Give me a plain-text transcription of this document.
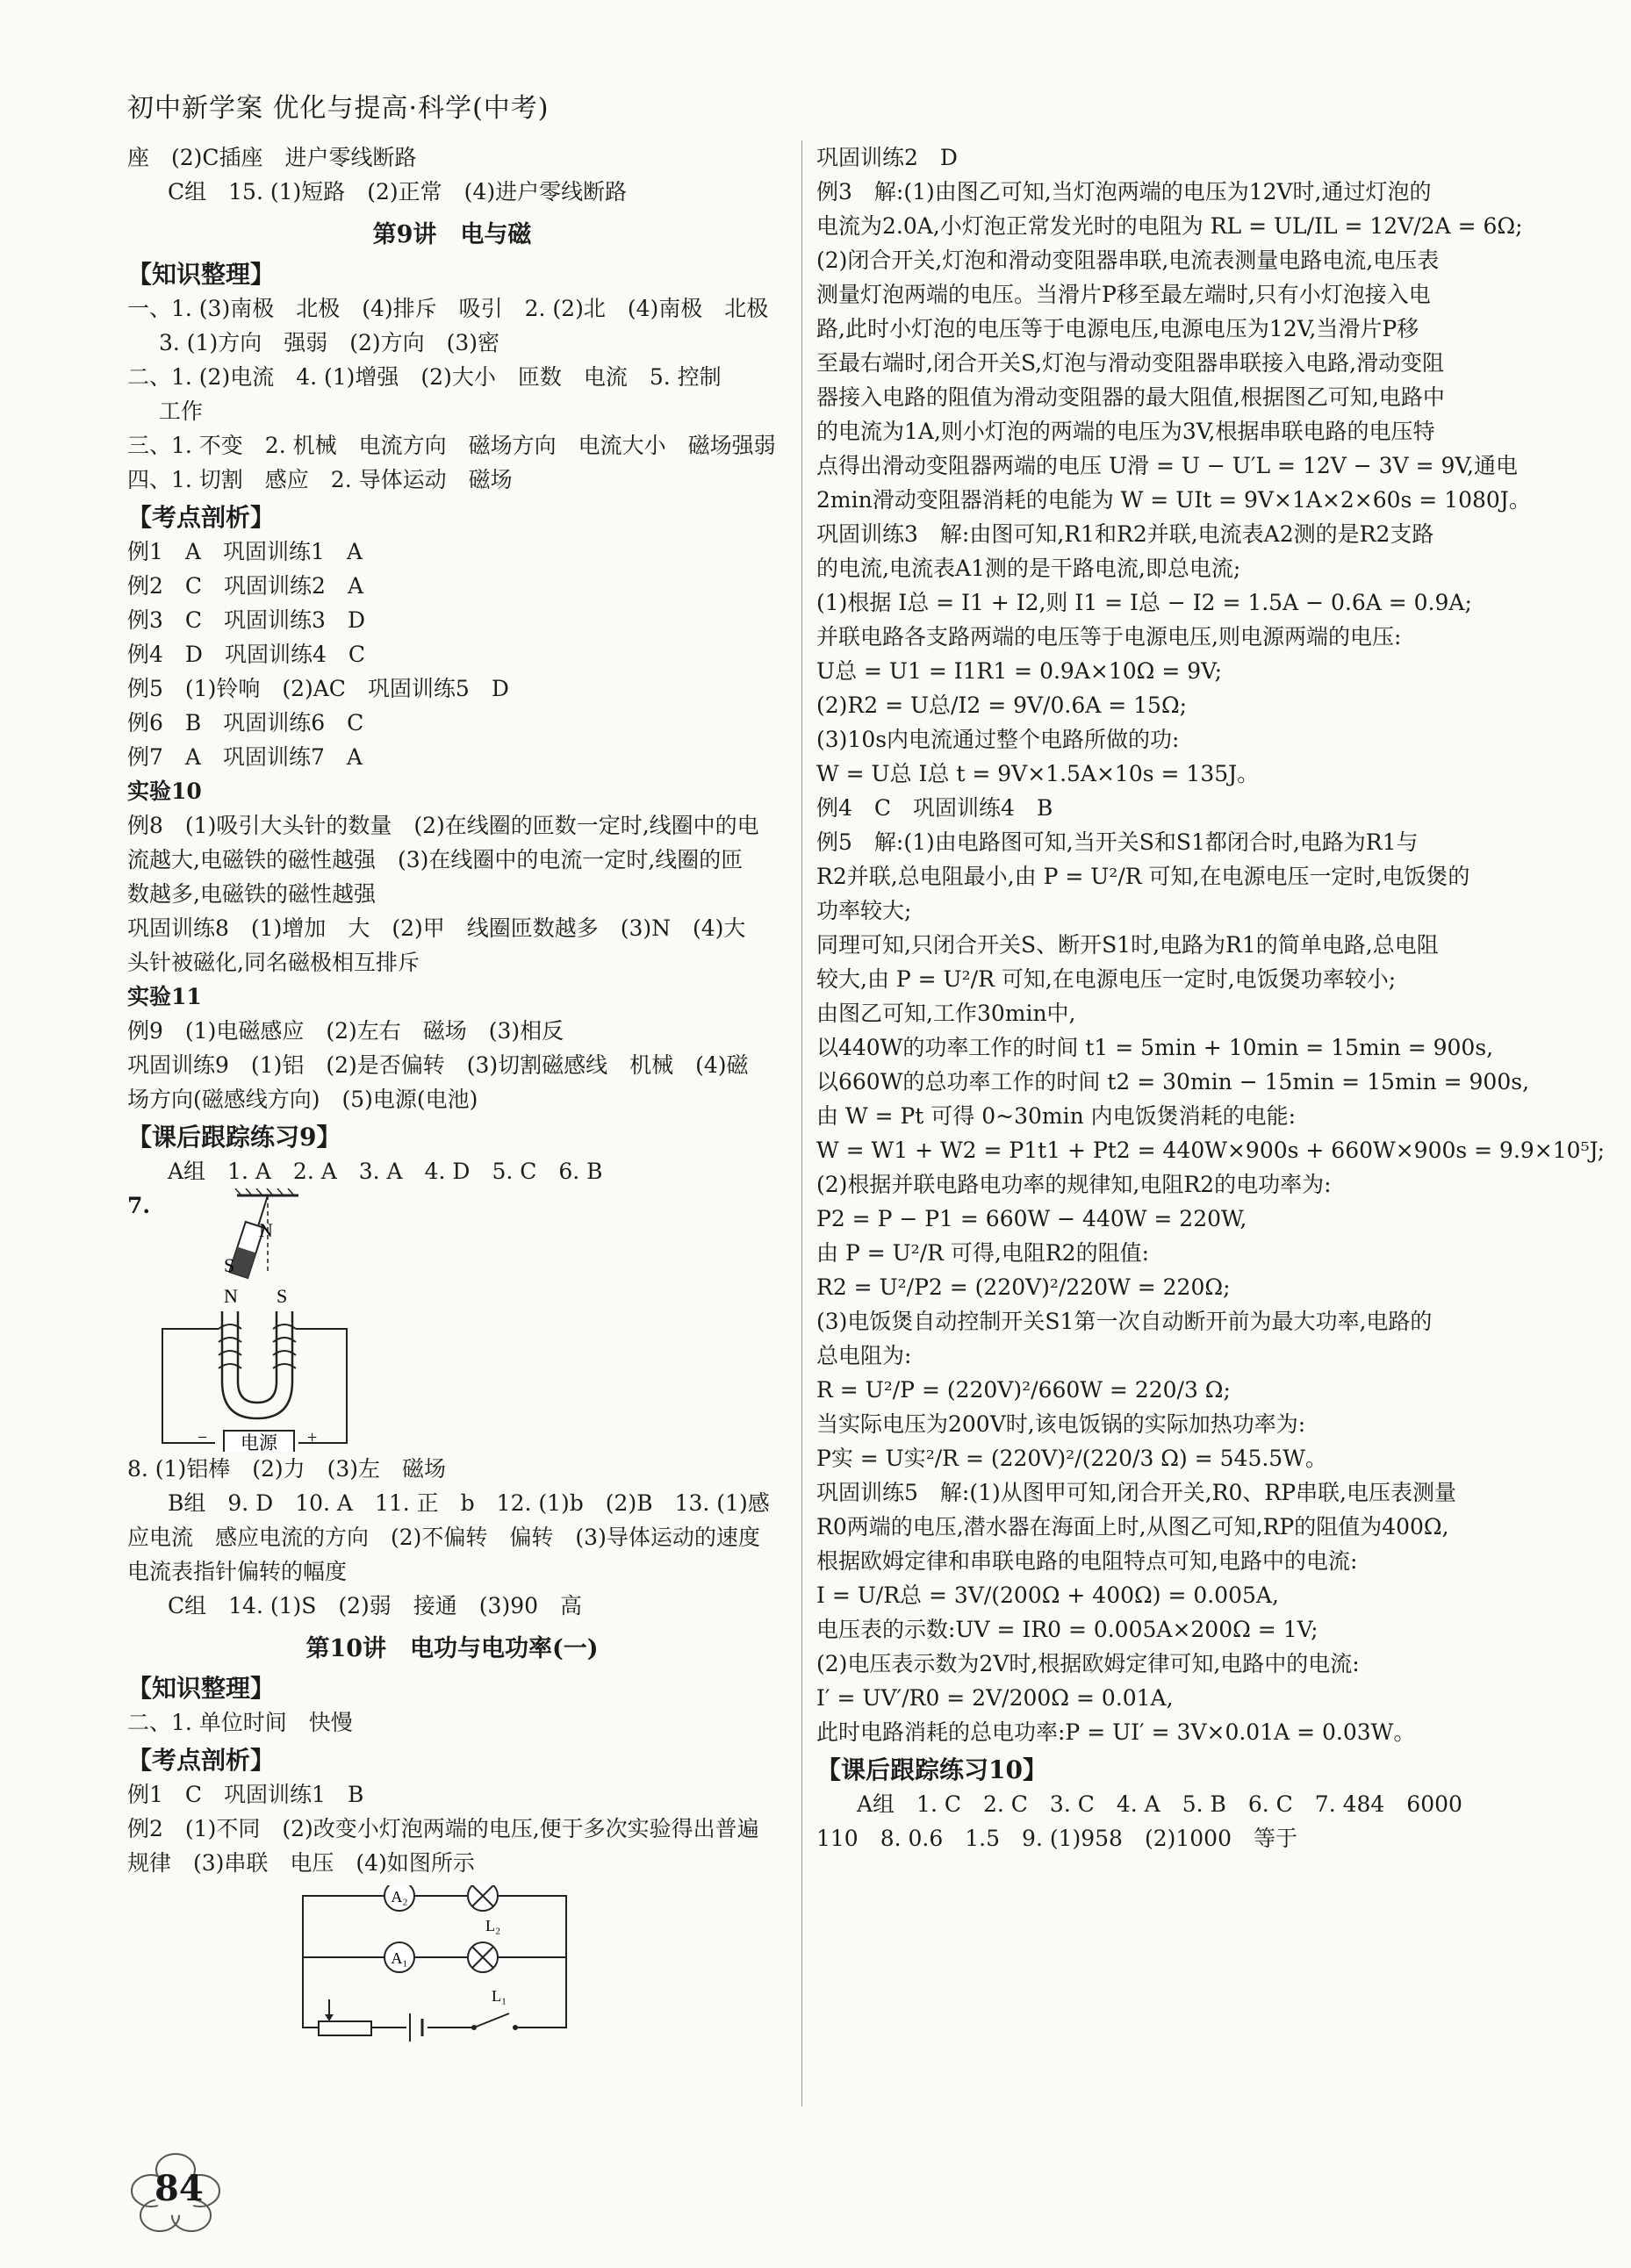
初中新学案 优化与提高·科学(中考)
座　(2)C插座　进户零线断路
C组　15. (1)短路　(2)正常　(4)进户零线断路
第9讲　电与磁
【知识整理】
一、1. (3)南极　北极　(4)排斥　吸引　2. (2)北　(4)南极　北极
3. (1)方向　强弱　(2)方向　(3)密
二、1. (2)电流　4. (1)增强　(2)大小　匝数　电流　5. 控制
工作
三、1. 不变　2. 机械　电流方向　磁场方向　电流大小　磁场强弱
四、1. 切割　感应　2. 导体运动　磁场
【考点剖析】
例1　A　巩固训练1　A
例2　C　巩固训练2　A
例3　C　巩固训练3　D
例4　D　巩固训练4　C
例5　(1)铃响　(2)AC　巩固训练5　D
例6　B　巩固训练6　C
例7　A　巩固训练7　A
实验10
例8　(1)吸引大头针的数量　(2)在线圈的匝数一定时,线圈中的电
流越大,电磁铁的磁性越强　(3)在线圈中的电流一定时,线圈的匝
数越多,电磁铁的磁性越强
巩固训练8　(1)增加　大　(2)甲　线圈匝数越多　(3)N　(4)大
头针被磁化,同名磁极相互排斥
实验11
例9　(1)电磁感应　(2)左右　磁场　(3)相反
巩固训练9　(1)铝　(2)是否偏转　(3)切割磁感线　机械　(4)磁
场方向(磁感线方向)　(5)电源(电池)
【课后跟踪练习9】
A组　1. A　2. A　3. A　4. D　5. C　6. B
7.
N
S
N S
电源
−	+
8. (1)铝棒　(2)力　(3)左　磁场
B组　9. D　10. A　11. 正　b　12. (1)b　(2)B　13. (1)感
应电流　感应电流的方向　(2)不偏转　偏转　(3)导体运动的速度
电流表指针偏转的幅度
C组　14. (1)S　(2)弱　接通　(3)90　高
第10讲　电功与电功率(一)
【知识整理】
二、1. 单位时间　快慢
【考点剖析】
例1　C　巩固训练1　B
例2　(1)不同　(2)改变小灯泡两端的电压,便于多次实验得出普遍
规律　(3)串联　电压　(4)如图所示
A₂
A₁
L₂
L₁
巩固训练2　D
例3　解:(1)由图乙可知,当灯泡两端的电压为12V时,通过灯泡的
电流为2.0A,小灯泡正常发光时的电阻为 RL = UL/IL = 12V/2A = 6Ω;
(2)闭合开关,灯泡和滑动变阻器串联,电流表测量电路电流,电压表
测量灯泡两端的电压。当滑片P移至最左端时,只有小灯泡接入电
路,此时小灯泡的电压等于电源电压,电源电压为12V,当滑片P移
至最右端时,闭合开关S,灯泡与滑动变阻器串联接入电路,滑动变阻
器接入电路的阻值为滑动变阻器的最大阻值,根据图乙可知,电路中
的电流为1A,则小灯泡的两端的电压为3V,根据串联电路的电压特
点得出滑动变阻器两端的电压 U滑 = U − U′L = 12V − 3V = 9V,通电
2min滑动变阻器消耗的电能为 W = UIt = 9V×1A×2×60s = 1080J。
巩固训练3　解:由图可知,R1和R2并联,电流表A2测的是R2支路
的电流,电流表A1测的是干路电流,即总电流;
(1)根据 I总 = I1 + I2,则 I1 = I总 − I2 = 1.5A − 0.6A = 0.9A;
并联电路各支路两端的电压等于电源电压,则电源两端的电压:
U总 = U1 = I1R1 = 0.9A×10Ω = 9V;
(2)R2 = U总/I2 = 9V/0.6A = 15Ω;
(3)10s内电流通过整个电路所做的功:
W = U总 I总 t = 9V×1.5A×10s = 135J。
例4　C　巩固训练4　B
例5　解:(1)由电路图可知,当开关S和S1都闭合时,电路为R1与
R2并联,总电阻最小,由 P = U²/R 可知,在电源电压一定时,电饭煲的
功率较大;
同理可知,只闭合开关S、断开S1时,电路为R1的简单电路,总电阻
较大,由 P = U²/R 可知,在电源电压一定时,电饭煲功率较小;
由图乙可知,工作30min中,
以440W的功率工作的时间 t1 = 5min + 10min = 15min = 900s,
以660W的总功率工作的时间 t2 = 30min − 15min = 15min = 900s,
由 W = Pt 可得 0~30min 内电饭煲消耗的电能:
W = W1 + W2 = P1t1 + Pt2 = 440W×900s + 660W×900s = 9.9×10⁵J;
(2)根据并联电路电功率的规律知,电阻R2的电功率为:
P2 = P − P1 = 660W − 440W = 220W,
由 P = U²/R 可得,电阻R2的阻值:
R2 = U²/P2 = (220V)²/220W = 220Ω;
(3)电饭煲自动控制开关S1第一次自动断开前为最大功率,电路的
总电阻为:
R = U²/P = (220V)²/660W = 220/3 Ω;
当实际电压为200V时,该电饭锅的实际加热功率为:
P实 = U实²/R = (220V)²/(220/3 Ω) = 545.5W。
巩固训练5　解:(1)从图甲可知,闭合开关,R0、RP串联,电压表测量
R0两端的电压,潜水器在海面上时,从图乙可知,RP的阻值为400Ω,
根据欧姆定律和串联电路的电阻特点可知,电路中的电流:
I = U/R总 = 3V/(200Ω + 400Ω) = 0.005A,
电压表的示数:UV = IR0 = 0.005A×200Ω = 1V;
(2)电压表示数为2V时,根据欧姆定律可知,电路中的电流:
I′ = UV′/R0 = 2V/200Ω = 0.01A,
此时电路消耗的总电功率:P = UI′ = 3V×0.01A = 0.03W。
【课后跟踪练习10】
A组　1. C　2. C　3. C　4. A　5. B　6. C　7. 484　6000
110　8. 0.6　1.5　9. (1)958　(2)1000　等于
84
